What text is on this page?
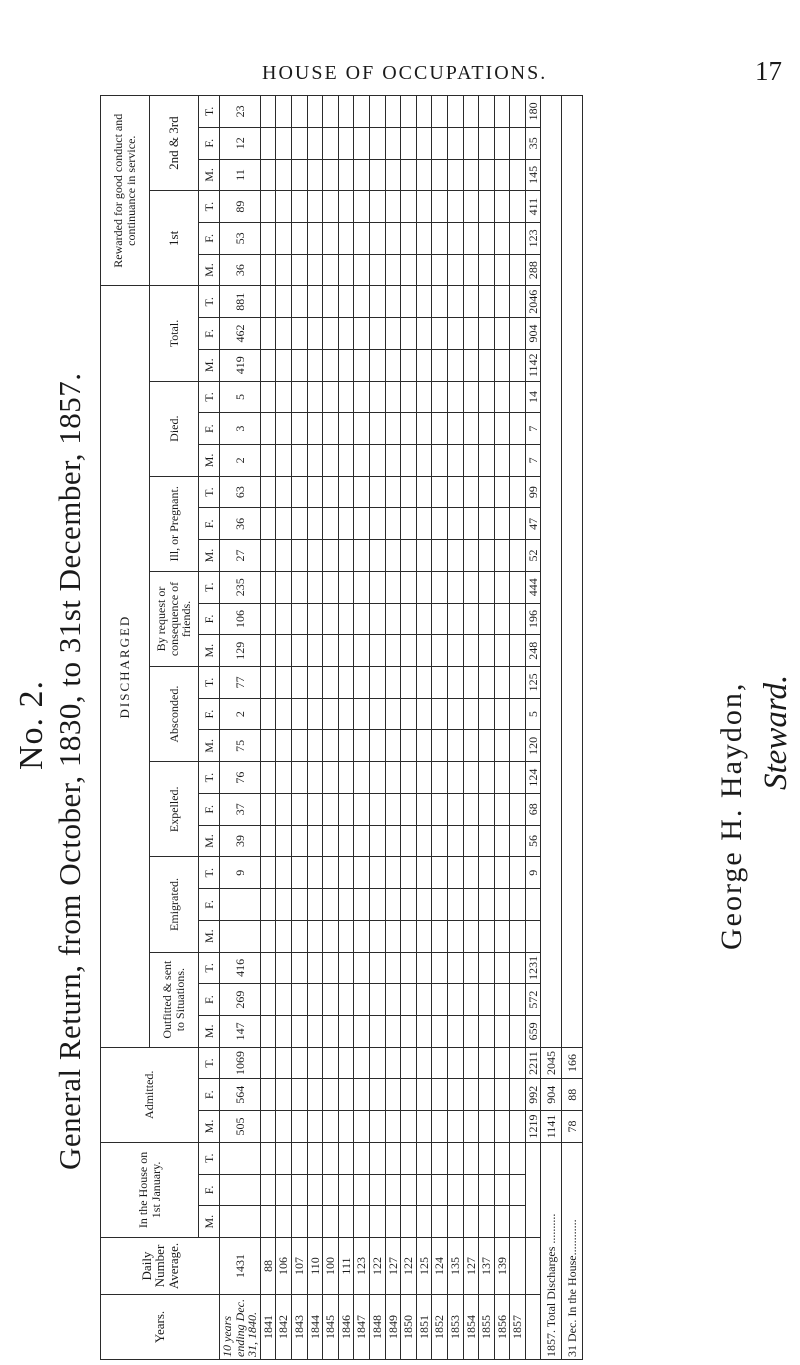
HOUSE OF OCCUPATIONS.	17
No. 2. General Return, from October, 1830, to 31st December, 1857.	George H. Haydon, Steward.
Years.	Daily Number Average.	In the House on 1st January.			Admitted.			DISCHARGED																								Rewarded for good conduct and continuance in service.					
								Outfitted & sent to Situations.			Emigrated.			Expelled.			Absconded.			By request or consequence of friends.			Ill, or Pregnant.			Died.			Total.			1st			2nd & 3rd		
		M.	F.	T.	M.	F.	T.	M.	F.	T.	M.	F.	T.	M.	F.	T.	M.	F.	T.	M.	F.	T.	M.	F.	T.	M.	F.	T.	M.	F.	T.	M.	F.	T.	M.	F.	T.
10 years ending Dec. 31, 1840.	1431				505	564	1069	147	269	416			9	39	37	76	75	2	77	129	106	235	27	36	63	2	3	5	419	462	881	36	53	89	11	12	23
1841	88																																				
1842	106																																				
1843	107																																				
1844	110																																				
1845	100																																				
1846	111																																				
1847	123																																				
1848	122																																				
1849	127																																				
1850	122																																				
1851	125																																				
1852	124																																				
1853	135																																				
1854	127																																				
1855	137																																				
1856	139																																				
1857																																					
					1219	992	2211	659	572	1231			9	56	68	124	120	5	125	248	196	444	52	47	99	7	7	14	1142	904	2046	288	123	411	145	35	180
1857. Total Discharges ..........					1141	904	2045																														
31 Dec. In the House............					78	88	166																														
